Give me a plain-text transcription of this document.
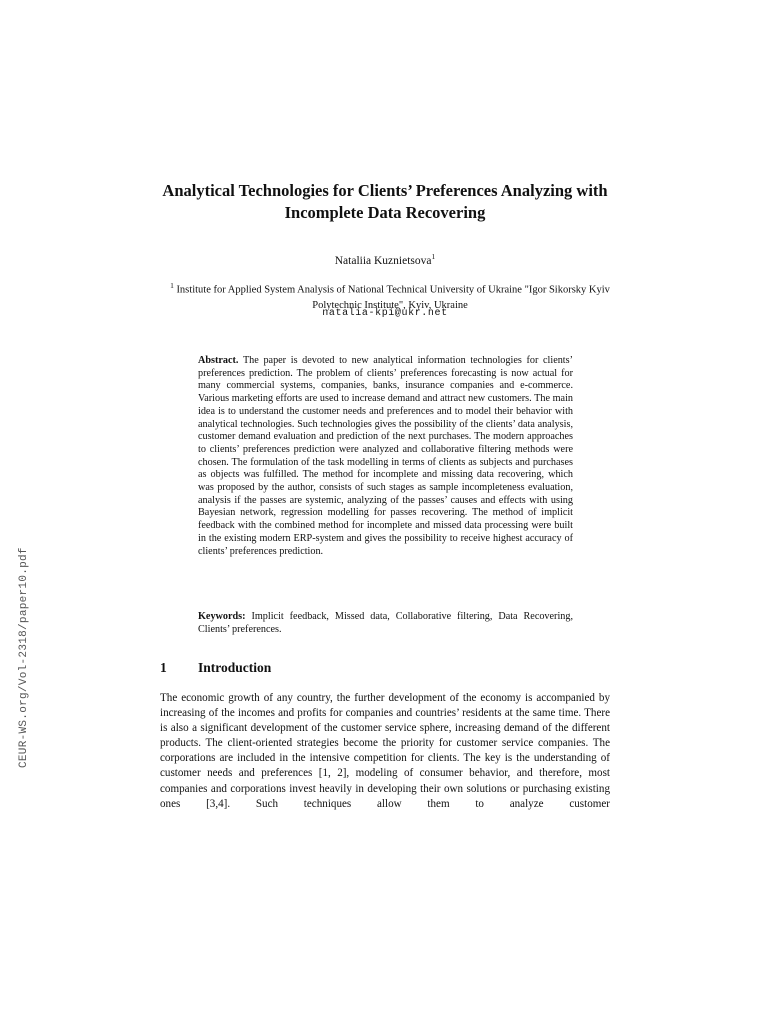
CEUR-WS.org/Vol-2318/paper10.pdf
Analytical Technologies for Clients’ Preferences Analyzing with Incomplete Data Recovering
Nataliia Kuznietsova$^1$
$^1$ Institute for Applied System Analysis of National Technical University of Ukraine "Igor Sikorsky Kyiv Polytechnic Institute", Kyiv, Ukraine
natalia-kpi@ukr.net
Abstract. The paper is devoted to new analytical information technologies for clients’ preferences prediction. The problem of clients’ preferences forecasting is now actual for many commercial systems, companies, banks, insurance companies and e-commerce. Various marketing efforts are used to increase demand and attract new customers. The main idea is to understand the customer needs and preferences and to model their behavior with analytical technologies. Such technologies gives the possibility of the clients’ data analysis, customer demand evaluation and prediction of the next purchases. The modern approaches to clients’ preferences prediction were analyzed and collaborative filtering methods were chosen. The formulation of the task modelling in terms of clients as subjects and purchases as objects was fulfilled. The method for incomplete and missing data recovering, which was proposed by the author, consists of such stages as sample incompleteness evaluation, analysis if the passes are systemic, analyzing of the passes’ causes and effects with using Bayesian network, regression modelling for passes recovering. The method of implicit feedback with the combined method for incomplete and missed data processing were built in the existing modern ERP-system and gives the possibility to receive highest accuracy of clients’ preferences prediction.
Keywords: Implicit feedback, Missed data, Collaborative filtering, Data Recovering, Clients’ preferences.
1 Introduction
The economic growth of any country, the further development of the economy is accompanied by increasing of the incomes and profits for companies and countries’ residents at the same time. There is also a significant development of the customer service sphere, increasing demand of the different products. The client-oriented strategies become the priority for customer service companies. The corporations are included in the intensive competition for clients. The key is the understanding of customer needs and preferences [1, 2], modeling of consumer behavior, and therefore, most companies and corporations invest heavily in developing their own solutions or purchasing existing ones [3,4]. Such techniques allow them to analyze customer
